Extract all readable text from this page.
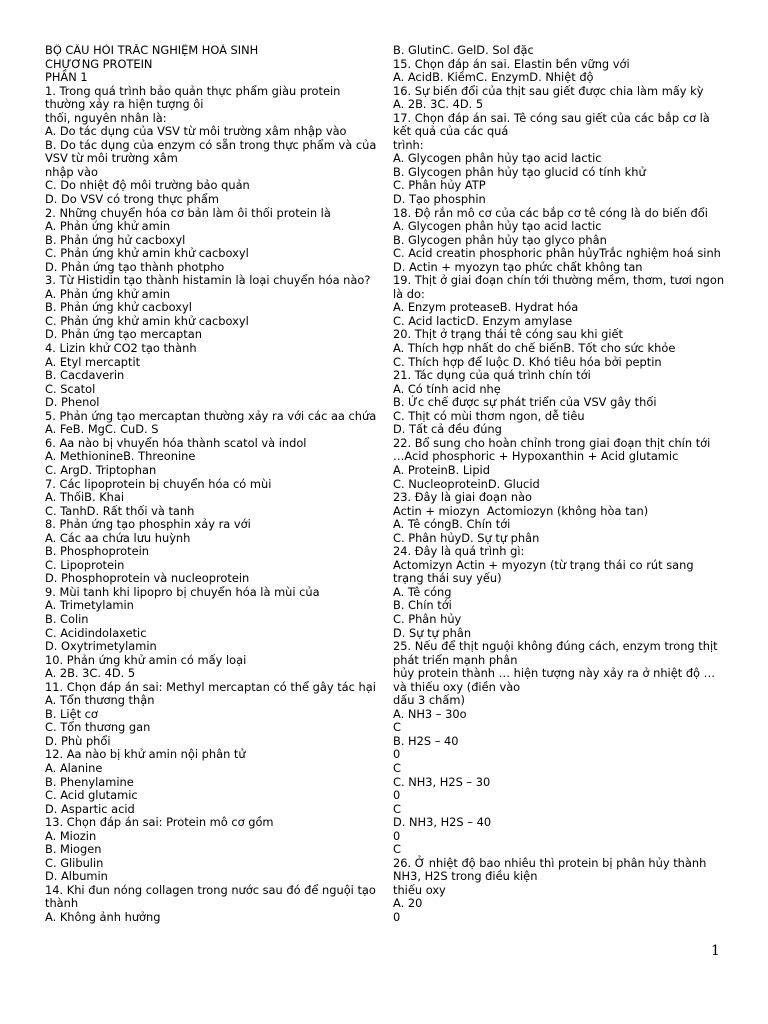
BỘ CÂU HỎI TRẮC NGHIỆM HOÁ SINH
CHƯƠNG PROTEIN
PHẦN 1
1. Trong quá trình bảo quản thực phẩm giàu protein
thường xảy ra hiện tượng ôi
thối, nguyên nhân là:
A. Do tác dụng của VSV từ môi trường xâm nhập vào
B. Do tác dụng của enzym có sẵn trong thực phẩm và của
VSV từ môi trường xâm
nhập vào
C. Do nhiệt độ môi trường bảo quản
D. Do VSV có trong thực phẩm
2. Những chuyển hóa cơ bản làm ôi thối protein là
A. Phản ứng khử amin
B. Phản ứng hử cacboxyl
C. Phản ứng khử amin khử cacboxyl
D. Phản ứng tạo thành photpho
3. Từ Histidin tạo thành histamin là loại chuyển hóa nào?
A. Phản ứng khử amin
B. Phản ứng khử cacboxyl
C. Phản ứng khử amin khử cacboxyl
D. Phản ứng tạo mercaptan
4. Lizin khử CO2 tạo thành
A. Etyl mercaptit
B. Cacdaverin
C. Scatol
D. Phenol
5. Phản ứng tạo mercaptan thường xảy ra với các aa chứa
A. FeB. MgC. CuD. S
6. Aa nào bị vhuyển hóa thành scatol và indol
A. MethionineB. Threonine
C. ArgD. Triptophan
7. Các lipoprotein bị chuyển hóa có mùi
A. ThốiB. Khai
C. TanhD. Rất thối và tanh
8. Phản ứng tạo phosphin xảy ra với
A. Các aa chứa lưu huỳnh
B. Phosphoprotein
C. Lipoprotein
D. Phosphoprotein và nucleoprotein
9. Mùi tanh khi lipopro bị chuyển hóa là mùi của
A. Trimetylamin
B. Colin
C. Acidindolaxetic
D. Oxytrimetylamin
10. Phản ứng khử amin có mấy loại
A. 2B. 3C. 4D. 5
11. Chọn đáp án sai: Methyl mercaptan có thể gây tác hại
A. Tổn thương thận
B. Liệt cơ
C. Tổn thương gan
D. Phù phổi
12. Aa nào bị khử amin nội phân tử
A. Alanine
B. Phenylamine
C. Acid glutamic
D. Aspartic acid
13. Chọn đáp án sai: Protein mô cơ gồm
A. Miozin
B. Miogen
C. Glibulin
D. Albumin
14. Khi đun nóng collagen trong nước sau đó để nguội tạo
thành
A. Không ảnh hưởng
B. GlutinC. GelD. Sol đặc
15. Chọn đáp án sai. Elastin bền vững với
A. AcidB. KiềmC. EnzymD. Nhiệt độ
16. Sự biến đổi của thịt sau giết được chia làm mấy kỳ
A. 2B. 3C. 4D. 5
17. Chọn đáp án sai. Tê cóng sau giết của các bắp cơ là
kết quả của các quá
trình:
A. Glycogen phân hủy tạo acid lactic
B. Glycogen phân hủy tạo glucid có tính khử
C. Phân hủy ATP
D. Tạo phosphin
18. Độ rắn mô cơ của các bắp cơ tê cóng là do biến đổi
A. Glycogen phân hủy tạo acid lactic
B. Glycogen phân hủy tạo glyco phân
C. Acid creatin phosphoric phân hủyTrắc nghiệm hoá sinh
D. Actin + myozyn tạo phức chất không tan
19. Thịt ở giai đoạn chín tới thường mềm, thơm, tươi ngon
là do:
A. Enzym proteaseB. Hydrat hóa
C. Acid lacticD. Enzym amylase
20. Thịt ở trạng thái tê cóng sau khi giết
A. Thích hợp nhất do chế biếnB. Tốt cho sức khỏe
C. Thích hợp để luộc D. Khó tiêu hóa bởi peptin
21. Tác dụng của quá trình chín tới
A. Có tính acid nhẹ
B. Ức chế được sự phát triển của VSV gây thối
C. Thịt có mùi thơm ngon, dễ tiêu
D. Tất cả đều đúng
22. Bổ sung cho hoàn chỉnh trong giai đoạn thịt chín tới
…Acid phosphoric + Hypoxanthin + Acid glutamic
A. ProteinB. Lipid
C. NucleoproteinD. Glucid
23. Đây là giai đoạn nào
Actin + miozyn  Actomiozyn (không hòa tan)
A. Tê cóngB. Chín tới
C. Phân hủyD. Sự tự phân
24. Đây là quá trình gì:
Actomizyn Actin + myozyn (từ trạng thái co rút sang
trạng thái suy yếu)
A. Tê cóng
B. Chín tới
C. Phân hủy
D. Sự tự phân
25. Nếu để thịt nguội không đúng cách, enzym trong thịt
phát triển mạnh phân
hủy protein thành … hiện tượng này xảy ra ở nhiệt độ …
và thiếu oxy (điền vào
dấu 3 chấm)
A. NH3 – 30o
C
B. H2S – 40
0
C
C. NH3, H2S – 30
0
C
D. NH3, H2S – 40
0
C
26. Ở nhiệt độ bao nhiêu thì protein bị phân hủy thành
NH3, H2S trong điều kiện
thiếu oxy
A. 20
0
1
